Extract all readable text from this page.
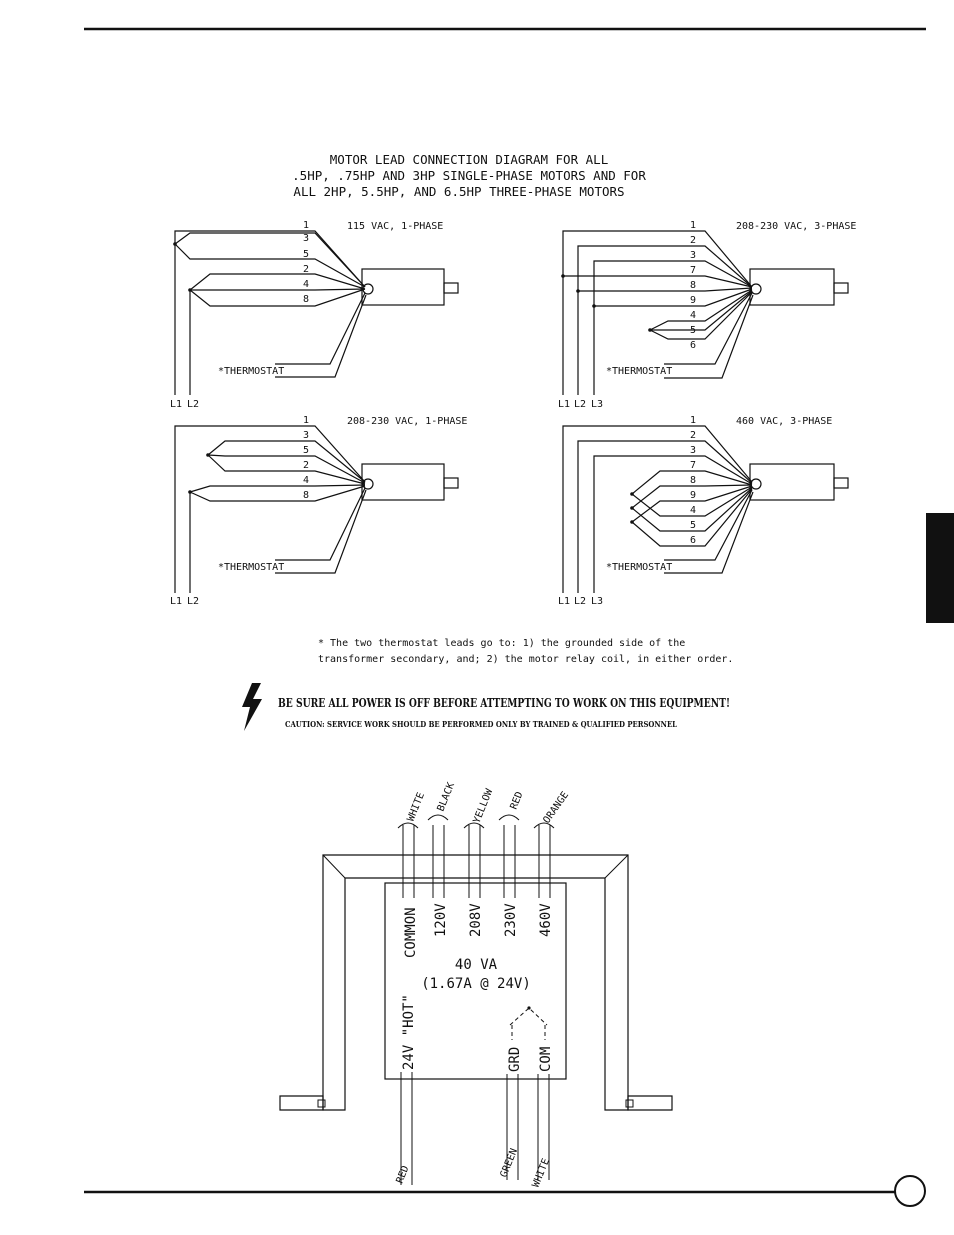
MOTOR LEAD CONNECTION DIAGRAM FOR ALL
.5HP, .75HP AND 3HP SINGLE-PHASE MOTORS AND FOR
ALL 2HP, 5.5HP, AND 6.5HP THREE-PHASE MOTORS
1
3
5
2
4
8
115 VAC, 1-PHASE
*THERMOSTAT
L1 L2
1
2
3
7
8
9
4
5
6
208-230 VAC, 3-PHASE
*THERMOSTAT
L1 L2 L3
1
3
5
2
4
8
208-230 VAC, 1-PHASE
*THERMOSTAT
L1 L2
1
2
3
7
8
9
4
5
6
460 VAC, 3-PHASE
*THERMOSTAT
L1 L2 L3
* The two thermostat leads go to: 1) the grounded side of the
transformer secondary, and; 2) the motor relay coil, in either order.
BE SURE ALL POWER IS OFF BEFORE ATTEMPTING TO WORK ON THIS EQUIPMENT!
CAUTION: SERVICE WORK SHOULD BE PERFORMED ONLY BY TRAINED & QUALIFIED PERSONNEL
WHITE BLACK YELLOW RED ORANGE
COMMON 120V 208V 230V 460V
40 VA
(1.67A @ 24V)
24V "HOT"	GRD COM
RED	GREEN WHITE
